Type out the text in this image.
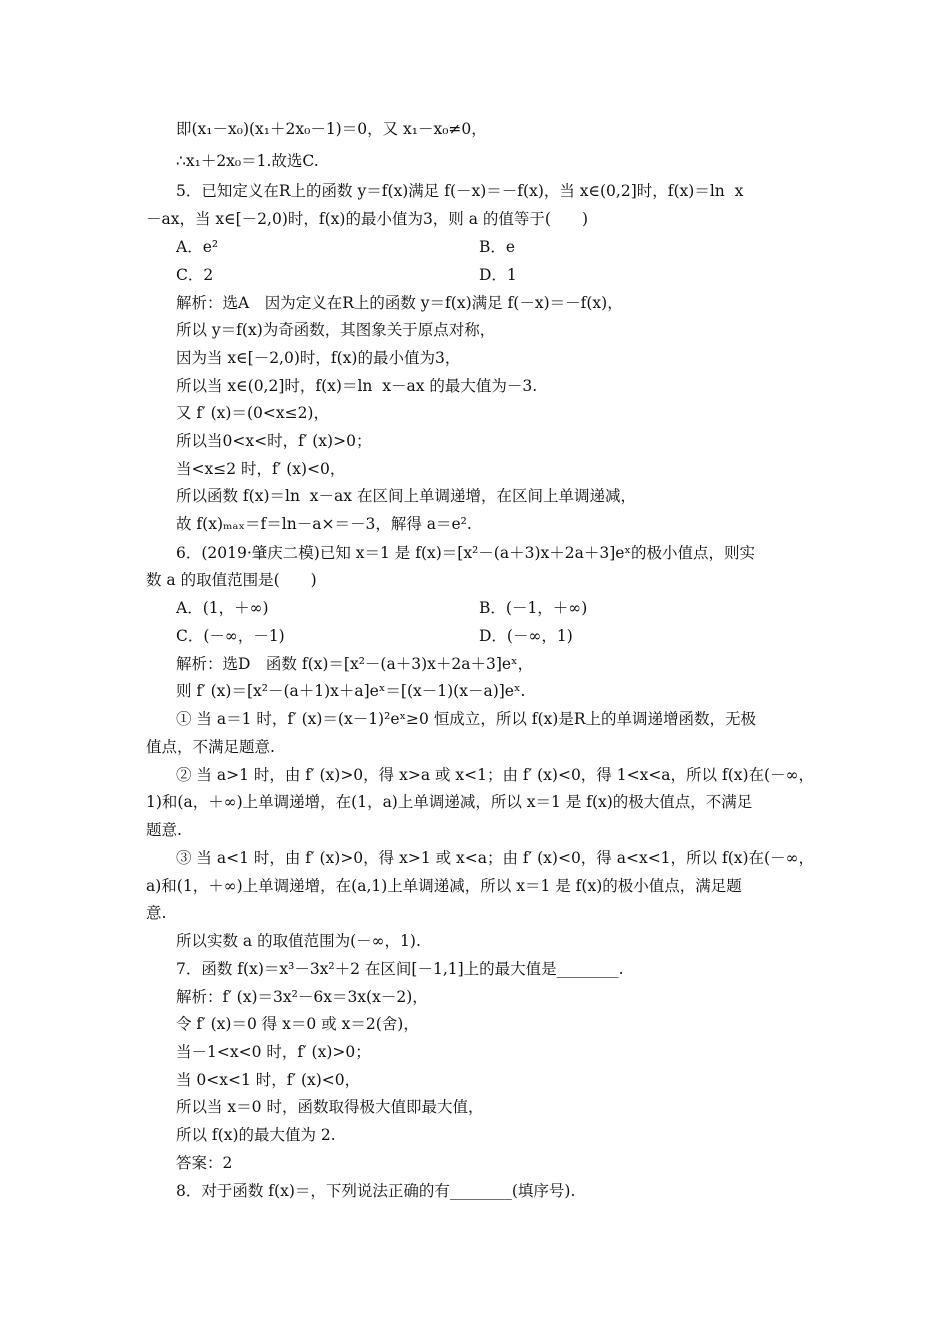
即(x₁－x₀)(x₁＋2x₀－1)＝0，又 x₁－x₀≠0，
∴x₁＋2x₀＝1.故选C.
5．已知定义在R上的函数 y＝f(x)满足 f(－x)＝－f(x)，当 x∈(0,2]时，f(x)＝ln  x
－ax，当 x∈[－2,0)时，f(x)的最小值为3，则 a 的值等于(　　)
A．e²
C．2
解析：选A　因为定义在R上的函数 y＝f(x)满足 f(－x)＝－f(x)，
所以 y＝f(x)为奇函数，其图象关于原点对称，
因为当 x∈[－2,0)时，f(x)的最小值为3，
所以当 x∈(0,2]时，f(x)＝ln  x－ax 的最大值为－3.
又 f′ (x)＝(0<x≤2)，
所以当0<x<时，f′ (x)>0；
当<x≤2 时，f′ (x)<0，
所以函数 f(x)＝ln  x－ax 在区间上单调递增，在区间上单调递减，
故 f(x)ₘₐₓ＝f＝ln－a×＝－3，解得 a＝e².
6．(2019·肇庆二模)已知 x＝1 是 f(x)＝[x²－(a＋3)x＋2a＋3]eˣ的极小值点，则实
数 a 的取值范围是(　　)
A．(1，＋∞)
C．(－∞，－1)
解析：选D　函数 f(x)＝[x²－(a＋3)x＋2a＋3]eˣ，
则 f′ (x)＝[x²－(a＋1)x＋a]eˣ＝[(x－1)(x－a)]eˣ.
① 当 a＝1 时，f′ (x)＝(x－1)²eˣ≥0 恒成立，所以 f(x)是R上的单调递增函数，无极
值点，不满足题意.
② 当 a>1 时，由 f′ (x)>0，得 x>a 或 x<1；由 f′ (x)<0，得 1<x<a，所以 f(x)在(－∞，
1)和(a，＋∞)上单调递增，在(1，a)上单调递减，所以 x＝1 是 f(x)的极大值点，不满足
题意.
③ 当 a<1 时，由 f′ (x)>0，得 x>1 或 x<a；由 f′ (x)<0，得 a<x<1，所以 f(x)在(－∞，
a)和(1，＋∞)上单调递增，在(a,1)上单调递减，所以 x＝1 是 f(x)的极小值点，满足题
意.
所以实数 a 的取值范围为(－∞，1).
7．函数 f(x)＝x³－3x²＋2 在区间[－1,1]上的最大值是________.
解析：f′ (x)＝3x²－6x＝3x(x－2)，
令 f′ (x)＝0 得 x＝0 或 x＝2(舍)，
当－1<x<0 时，f′ (x)>0；
当 0<x<1 时，f′ (x)<0，
所以当 x＝0 时，函数取得极大值即最大值，
所以 f(x)的最大值为 2.
答案：2
8．对于函数 f(x)＝，下列说法正确的有________(填序号).
B．e
D．1
B．(－1，＋∞)
D．(－∞，1)
